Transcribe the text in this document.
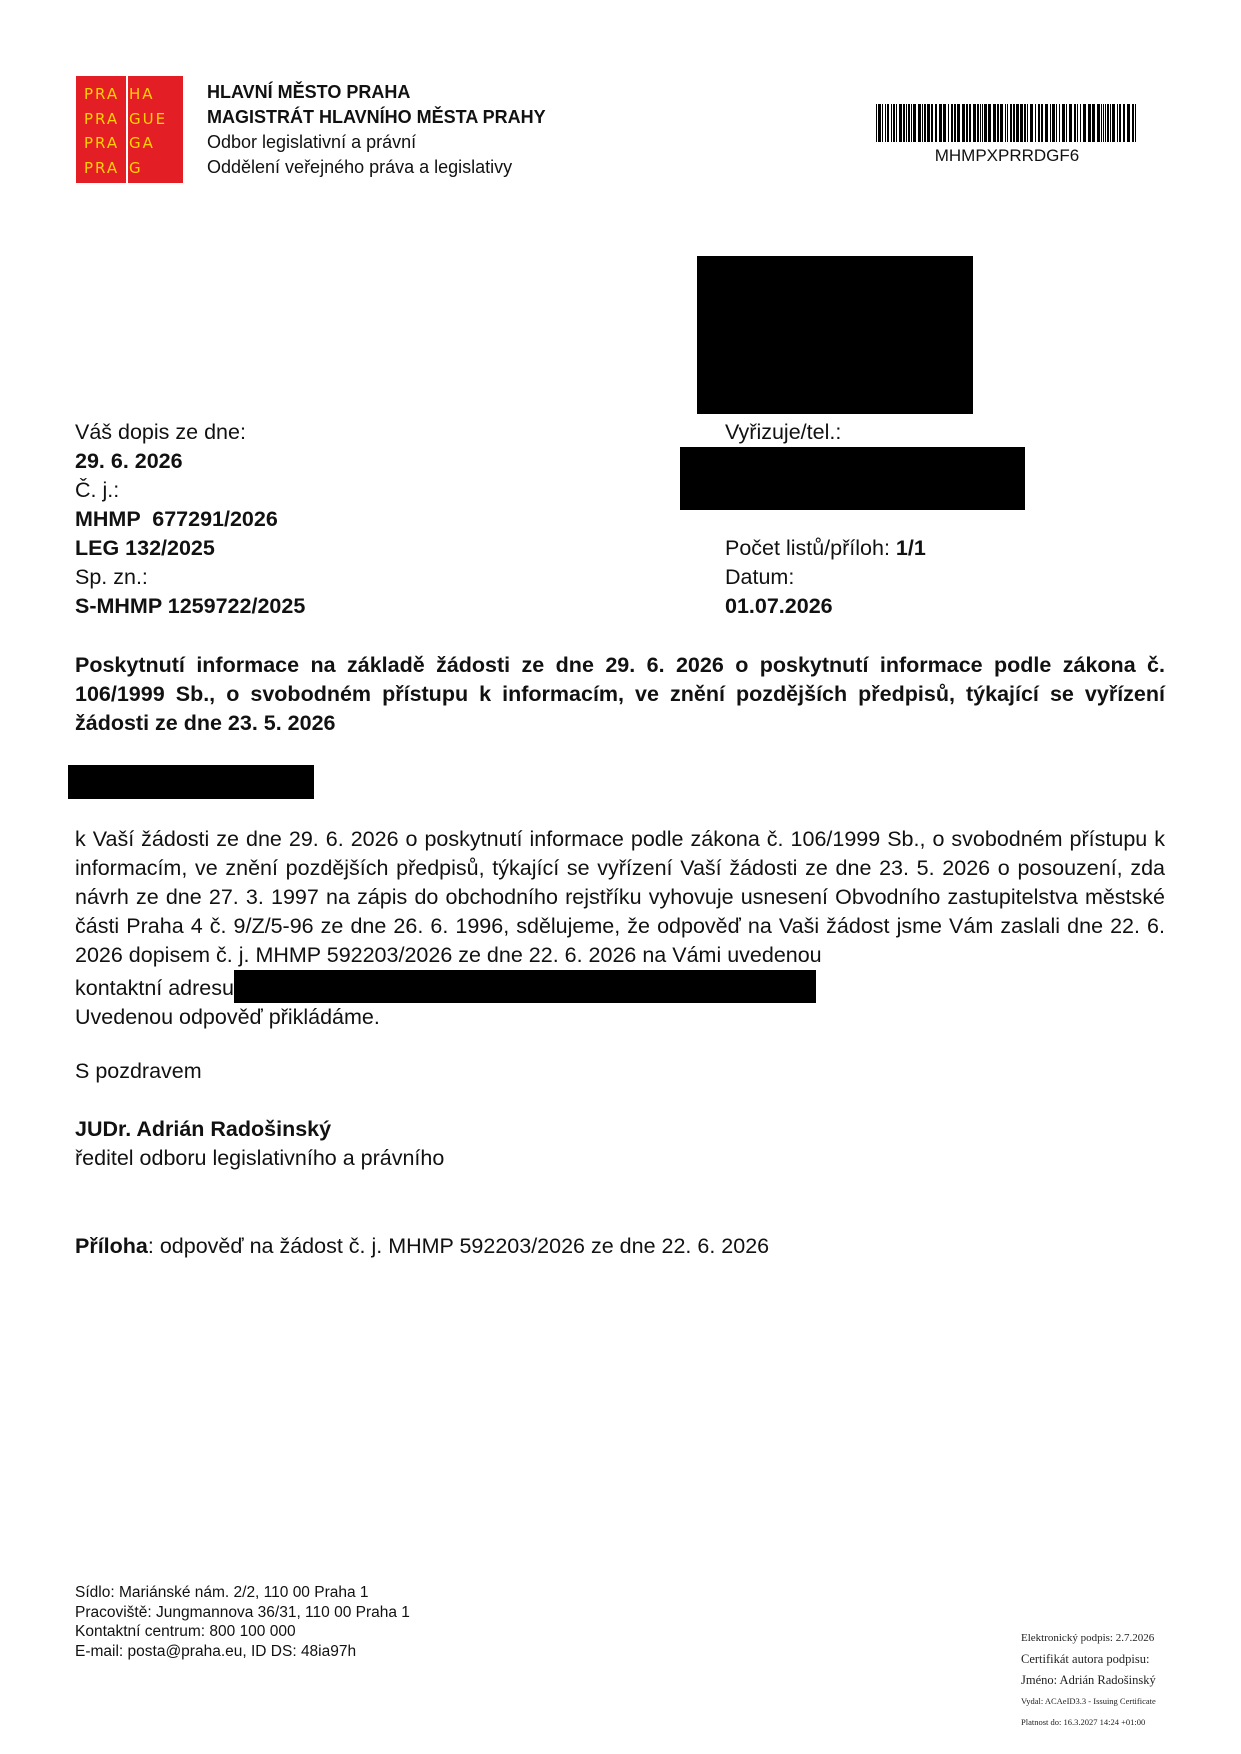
PRA HA
PRA GUE
PRA GA
PRA G
HLAVNÍ MĚSTO PRAHA
MAGISTRÁT HLAVNÍHO MĚSTA PRAHY
Odbor legislativní a právní
Oddělení veřejného práva a legislativy
MHMPXPRRDGF6
Váš dopis ze dne:
29. 6. 2026
Č. j.:
MHMP  677291/2026
LEG 132/2025
Sp. zn.:
S-MHMP 1259722/2025
Vyřizuje/tel.:
Počet listů/příloh: 1/1
Datum:
01.07.2026
Poskytnutí informace na základě žádosti ze dne 29. 6. 2026 o poskytnutí informace podle zákona č. 106/1999 Sb., o svobodném přístupu k informacím, ve znění pozdějších předpisů, týkající se vyřízení žádosti ze dne 23. 5. 2026

k Vaší žádosti ze dne 29. 6. 2026 o poskytnutí informace podle zákona č. 106/1999 Sb., o svobodném přístupu k informacím, ve znění pozdějších předpisů, týkající se vyřízení Vaší žádosti ze dne 23. 5. 2026 o posouzení, zda návrh ze dne 27. 3. 1997 na zápis do obchodního rejstříku vyhovuje usnesení Obvodního zastupitelstva městské části Praha 4 č. 9/Z/5-96 ze dne 26. 6. 1996, sdělujeme, že odpověď na Vaši žádost jsme Vám zaslali dne 22. 6. 2026 dopisem č. j. MHMP 592203/2026 ze dne 22. 6. 2026 na Vámi uvedenou

kontaktní adresu

Uvedenou odpověď přikládáme.

S pozdravem
JUDr. Adrián Radošinský
ředitel odboru legislativního a právního
Příloha: odpověď na žádost č. j. MHMP 592203/2026 ze dne 22. 6. 2026
Sídlo: Mariánské nám. 2/2, 110 00 Praha 1
Pracoviště: Jungmannova 36/31, 110 00 Praha 1
Kontaktní centrum: 800 100 000
E-mail: posta@praha.eu, ID DS: 48ia97h
Elektronický podpis: 2.7.2026
Certifikát autora podpisu:
Jméno: Adrián Radošinský
Vydal: ACAeID3.3 - Issuing Certificate
Platnost do: 16.3.2027 14:24 +01:00
